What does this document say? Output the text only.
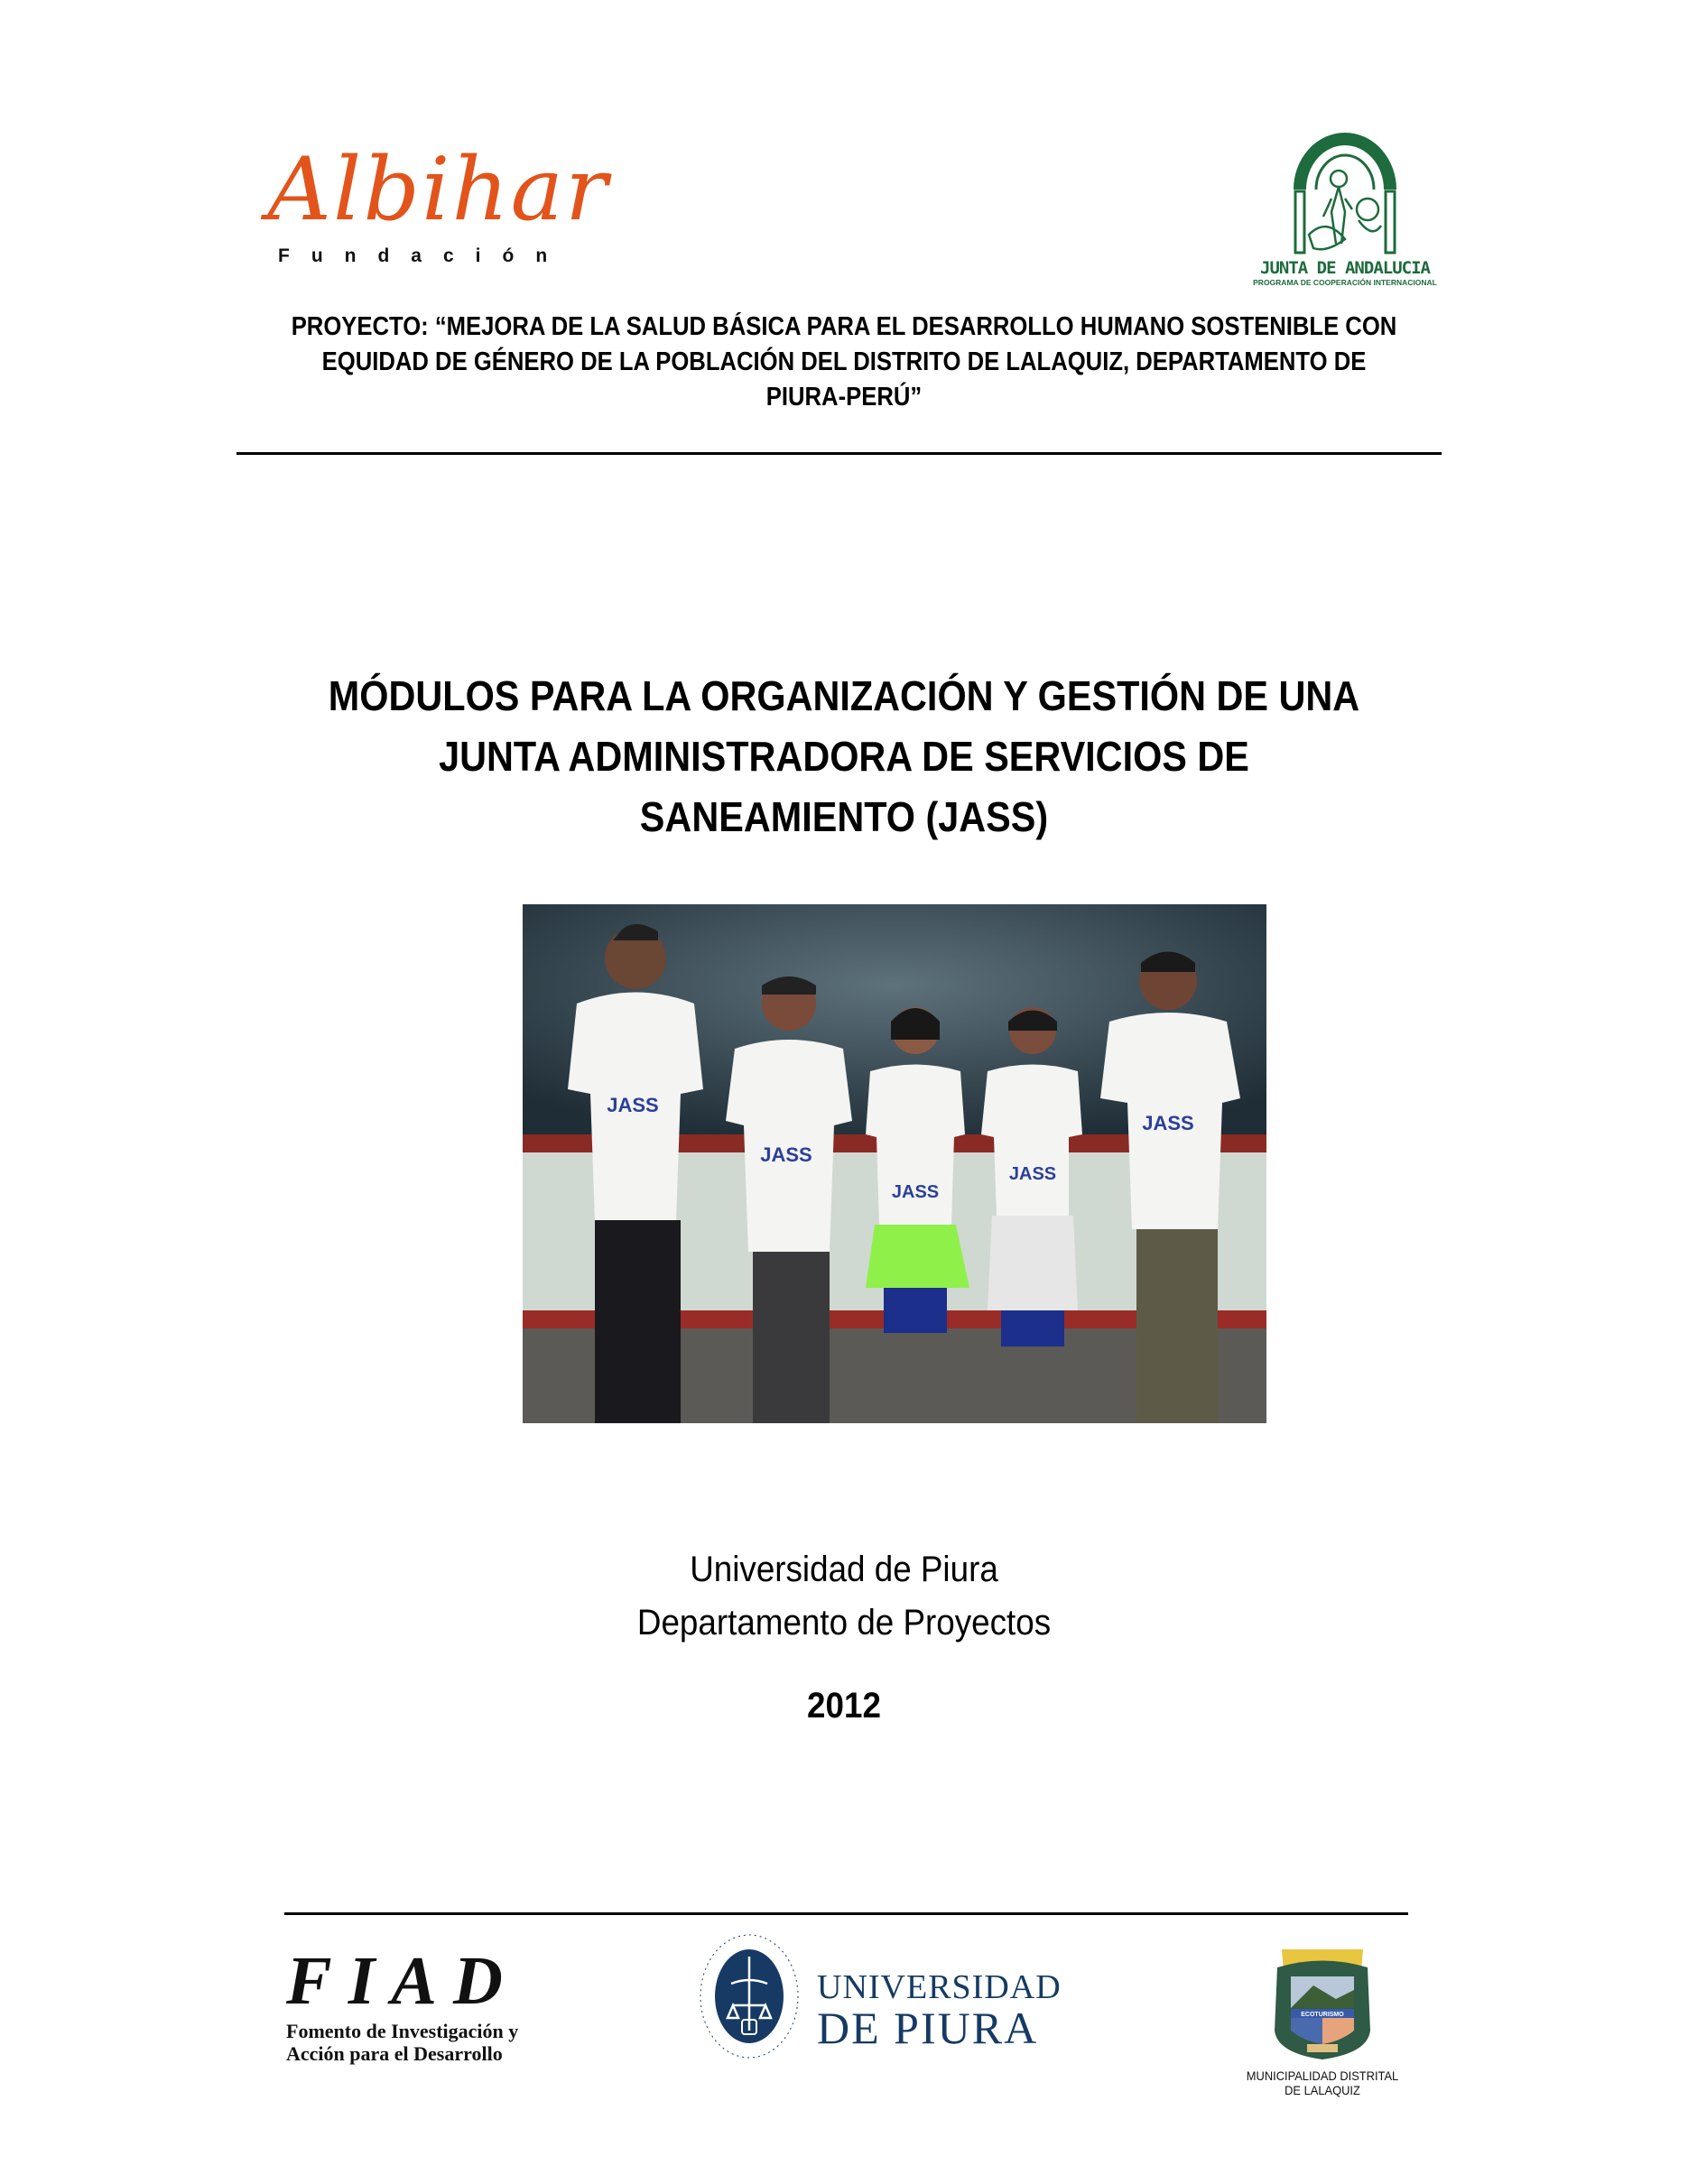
Albihar
Fundación
JUNTA DE ANDALUCIA
PROGRAMA DE COOPERACIÓN INTERNACIONAL
PROYECTO: “MEJORA DE LA SALUD BÁSICA PARA EL DESARROLLO HUMANO SOSTENIBLE CON
EQUIDAD DE GÉNERO DE LA POBLACIÓN DEL DISTRITO DE LALAQUIZ, DEPARTAMENTO DE
PIURA-PERÚ”
MÓDULOS PARA LA ORGANIZACIÓN Y GESTIÓN DE UNA
JUNTA ADMINISTRADORA DE SERVICIOS DE
SANEAMIENTO (JASS)
JASS
JASS
JASS
JASS
JASS
Universidad de Piura
Departamento de Proyectos
2012
FIAD
Fomento de Investigación y
Acción para el Desarrollo
UNIVERSIDAD
DE PIURA	ECOTURISMO
MUNICIPALIDAD DISTRITAL
DE LALAQUIZ
